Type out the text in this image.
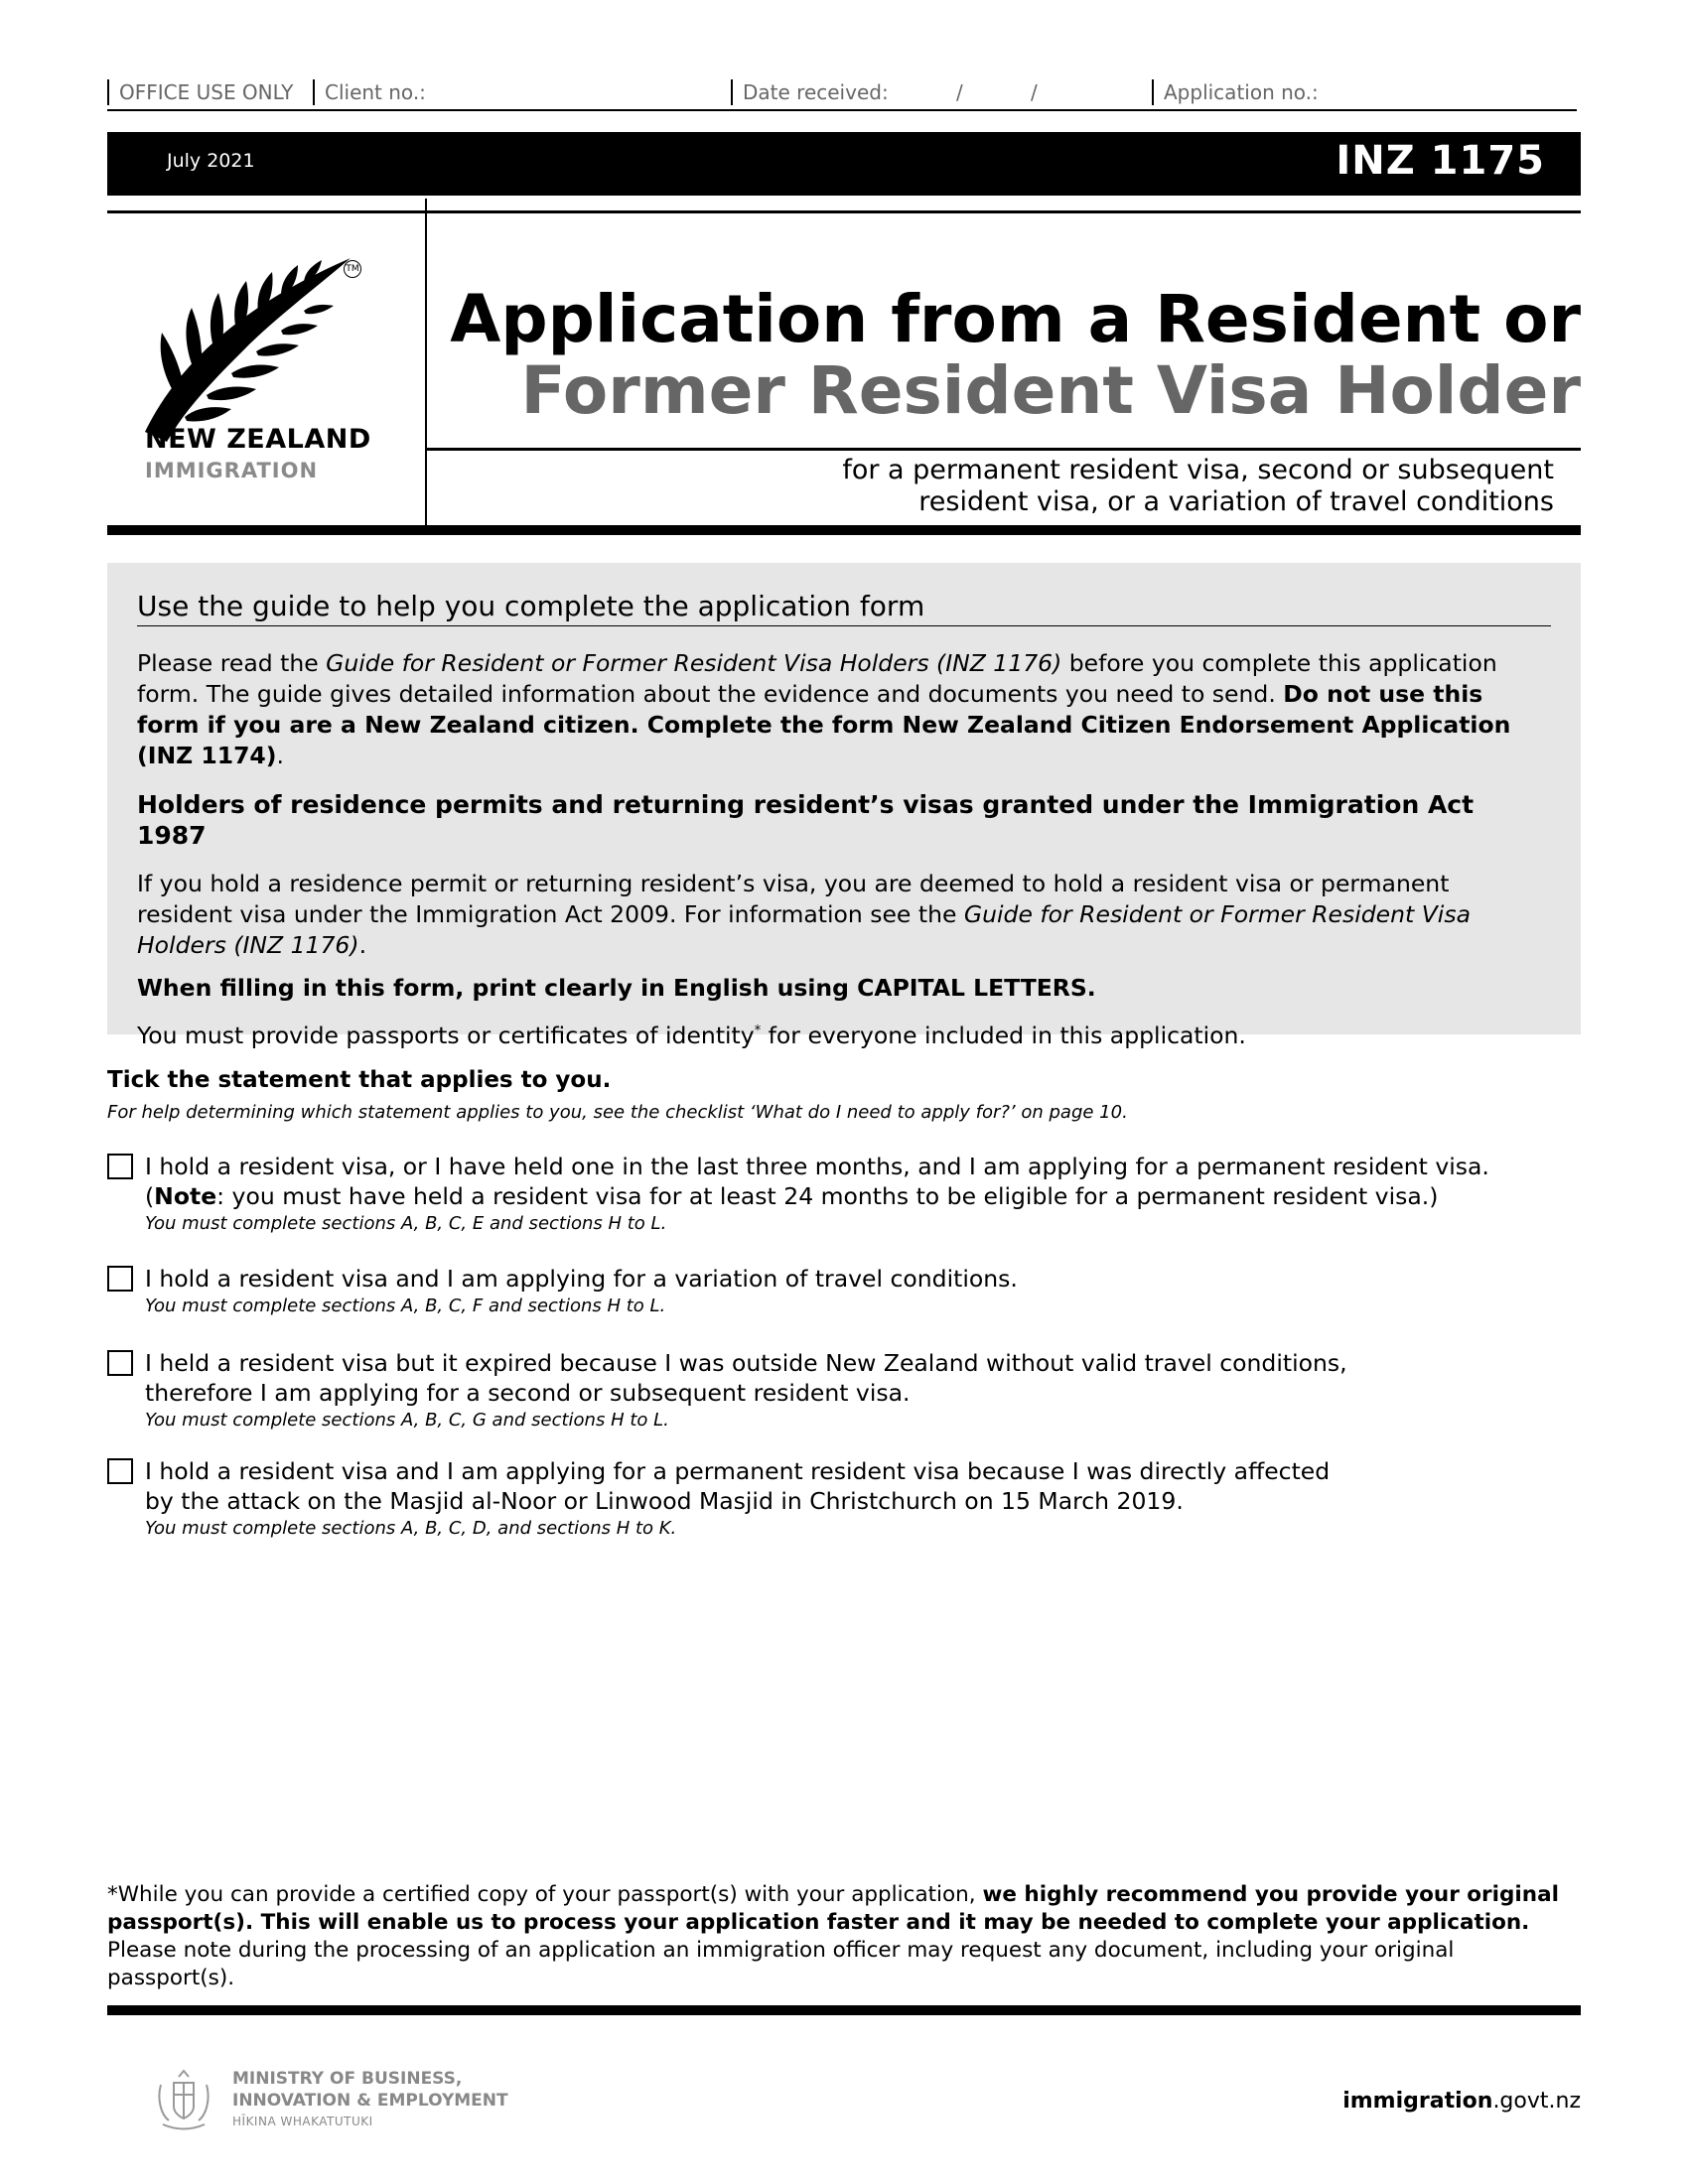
OFFICE USE ONLY	Client no.:	Date received:	/	/	Application no.:
July 2021	INZ 1175
TM
NEW ZEALAND
IMMIGRATION
Application from a Resident or
Former Resident Visa Holder
for a permanent resident visa, second or subsequent
resident visa, or a variation of travel conditions
Use the guide to help you complete the application form

Please read the Guide for Resident or Former Resident Visa Holders (INZ 1176) before you complete this application form. The guide gives detailed information about the evidence and documents you need to send. Do not use this form if you are a New Zealand citizen. Complete the form New Zealand Citizen Endorsement Application (INZ 1174).

Holders of residence permits and returning resident’s visas granted under the Immigration Act 1987

If you hold a residence permit or returning resident’s visa, you are deemed to hold a resident visa or permanent resident visa under the Immigration Act 2009. For information see the Guide for Resident or Former Resident Visa Holders (INZ 1176).

When filling in this form, print clearly in English using CAPITAL LETTERS.

You must provide passports or certificates of identity* for everyone included in this application.

Tick the statement that applies to you.
For help determining which statement applies to you, see the checklist ‘What do I need to apply for?’ on page 10.
I hold a resident visa, or I have held one in the last three months, and I am applying for a permanent resident visa.
(Note: you must have held a resident visa for at least 24 months to be eligible for a permanent resident visa.)
You must complete sections A, B, C, E and sections H to L.
I hold a resident visa and I am applying for a variation of travel conditions.
You must complete sections A, B, C, F and sections H to L.
I held a resident visa but it expired because I was outside New Zealand without valid travel conditions,
therefore I am applying for a second or subsequent resident visa.
You must complete sections A, B, C, G and sections H to L.
I hold a resident visa and I am applying for a permanent resident visa because I was directly affected
by the attack on the Masjid al-Noor or Linwood Masjid in Christchurch on 15 March 2019.
You must complete sections A, B, C, D, and sections H to K.
*While you can provide a certified copy of your passport(s) with your application, we highly recommend you provide your original passport(s). This will enable us to process your application faster and it may be needed to complete your application. Please note during the processing of an application an immigration officer may request any document, including your original passport(s).
MINISTRY OF BUSINESS,
INNOVATION & EMPLOYMENT
HĪKINA WHAKATUTUKI
immigration.govt.nz
